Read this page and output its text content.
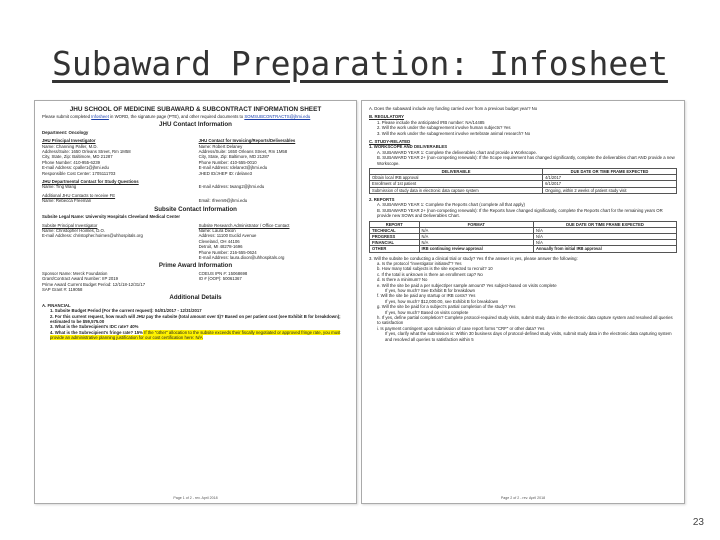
Subaward Preparation: Infosheet
JHU SCHOOL OF MEDICINE SUBAWARD & SUBCONTRACT INFORMATION SHEET
Please submit completed Infosheet in WORD, the signature page (PTE), and other required documents to SOMSUBCONTRACTS@jhmi.edu
JHU Contact Information
Department: Oncology
JHU Principal Investigator
Name: Channing Paller, M.D.
Address/Suite: 1650 Orleans Street, Rm 1M58
City, State, Zip: Baltimore, MD 21287
Phone Number: 410-955-6239
E-mail Address: cpaller1@jhmi.edu
Responsible Cost Center: 1705111703
JHU Contact for Invoicing/Reports/Deliverables
Name: Robert Delaney
Address/Suite: 1650 Orleans Street, Rm 1M58
City, State, Zip: Baltimore, MD 21287
Phone Number: 410-555-0010
E-mail Address: rdelane3@jhmi.edu
JHED ID/JHEP ID: rdelane3
JHU Departmental Contact for Study Questions
Name: Ting Wang	E-mail Address: twang2@jhmi.edu
Additional JHU Contacts to receive FE
Name: Rebecca Freeman	Email: rfreem9@jhmi.edu
Subsite Contact Information
Subsite Legal Name: University Hospitals Cleveland Medical Center
Subsite Principal Investigator
Name: Christopher Hoimes, D.O.
E-mail Address: christopher.hoimes@uhhospitals.org
Subsite Research Administrator / Office Contact
Name: Laura Dixon
Address: 11100 Euclid Avenue
Cleveland, OH 44106
Detroit, MI 48278-1696
Phone Number: 216-555-0624
E-mail Address: laura.dixon@uhhospitals.org
Prime Award Information
Sponsor Name: Merck Foundation
Grant/Contract Award Number: IIP 2019
Prime Award Current Budget Period: 12/1/18-12/31/17
SAP Grant #: 119058
COEUS IPN #: 15068698
IO # (OOP): 50061367
Additional Details
A. FINANCIAL
1. Subsite Budget Period (For the current request): 04/01/2017 - 12/31/2017
2. For this current request, how much will JHU pay the subsite (total amount over $)? Based on per patient cost (see Exhibit B for breakdown); estimated to be $59,575.00
3. What is the Subrecipient's IDC rate? 40%
4. What is the Subrecipient's fringe rate? 15% If the "other" allocation to the subsite exceeds their fiscally negotiated or approved fringe rate, you must provide an administrative planning justification for our cost certification here: N/A
Page 1 of 2 - rev. April 2018
A. Does the subaward include any funding carried over from a previous budget year? No
B. REGULATORY
1. Please include the anticipated IRB number: NA/14485
2. Will the work under the subagreement involve human subjects? Yes
3. Will the work under the subagreement involve vertebrate animal research? No
C. STUDY-RELATED
1. WORKSCOPE AND DELIVERABLES
A. SUBAWARD YEAR 1: Complete the deliverables chart and provide a Workscope.
B. SUBAWARD YEAR 2+ (non-competing renewals): If the Scope requirement has changed significantly, complete the deliverables chart AND provide a new Workscope.
DELIVERABLE	DUE DATE OR TIME FRAME EXPECTED
Obtain local IRB approval	4/1/2017
Enrollment of 1st patient	6/1/2017
Submission of study data in electronic data capture system	Ongoing, within 2 weeks of patient study visit
2. REPORTS
A. SUBAWARD YEAR 1: Complete the Reports chart (complete all that apply)
B. SUBAWARD YEAR 2+ (non-competing renewals): If the Reports have changed significantly, complete the Reports chart for the remaining years OR provide new SOWs and Deliverables Chart.
REPORT	FORMAT	DUE DATE OR TIME FRAME EXPECTED
TECHNICAL	N/A	N/A
PROGRESS	N/A	N/A
FINANCIAL	N/A	N/A
OTHER	IRB continuing review approval	Annually from initial IRB approval
3. Will the subsite be conducting a clinical trial or study? Yes If the answer is yes, please answer the following:
a. Is the protocol "investigator initiated"? Yes
b. How many total subjects is the site expected to recruit? 10
c. If the total is unknown is there an enrollment cap? No
d. Is there a minimum? No
e. Will the site be paid a per subject/per sample amount? Yes subject-based on visits complete
If yes, how much? See Exhibit B for breakdown
f. Will the site be paid any startup or IRB costs? Yes
If yes, how much? $12,000.00, see Exhibit B for breakdown
g. Will the site be paid for a subject's partial completion of the study? Yes
If yes, how much? Based on visits complete
h. If yes, define partial completion? Complete protocol-required study visits, submit study data in the electronic data capture system and resolved all queries to satisfaction
i. Is payment contingent upon submission of case report forms "CRF" or other data? Yes
If yes, clarify what the submission is: Within 30 business days of protocol-defined study visits, submit study data in the electronic data capturing system and resolved all queries to satisfaction within 5
Page 2 of 2 - rev. April 2018
23
